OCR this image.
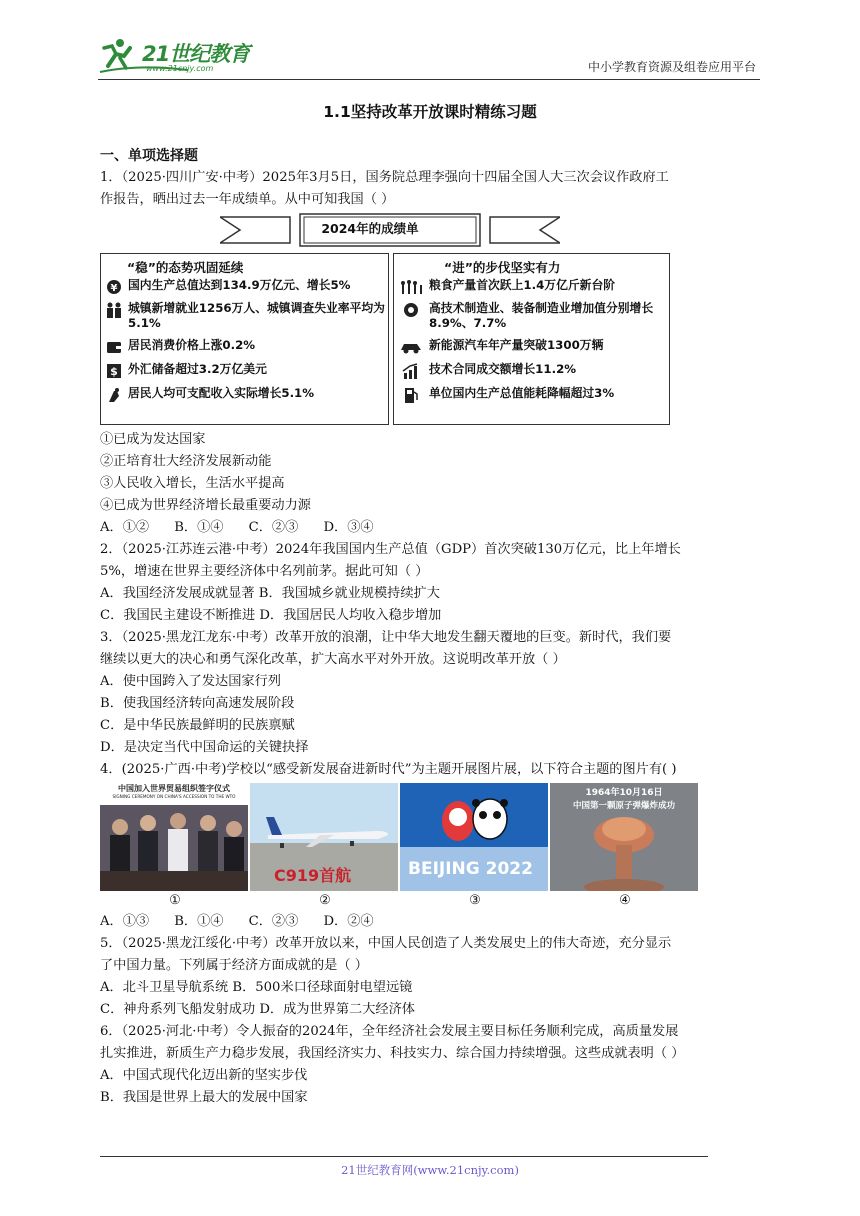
21世纪教育
www.21cnjy.com	中小学教育资源及组卷应用平台
1.1坚持改革开放课时精练习题
一、单项选择题
1．（2025·四川广安·中考）2025年3月5日，国务院总理李强向十四届全国人大三次会议作政府工
作报告，晒出过去一年成绩单。从中可知我国（ ）
2024年的成绩单
“稳”的态势巩固延续
¥ 国内生产总值达到134.9万亿元、增长5%
城镇新增就业1256万人、城镇调查失业率平均为5.1%
居民消费价格上涨0.2%
$ 外汇储备超过3.2万亿美元
居民人均可支配收入实际增长5.1%
“进”的步伐坚实有力
粮食产量首次跃上1.4万亿斤新台阶
高技术制造业、装备制造业增加值分别增长8.9%、7.7%
新能源汽车年产量突破1300万辆
技术合同成交额增长11.2%
单位国内生产总值能耗降幅超过3%
①已成为发达国家
②正培育壮大经济发展新动能
③人民收入增长，生活水平提高
④已成为世界经济增长最重要动力源
A．①②      B．①④      C．②③      D．③④
2．（2025·江苏连云港·中考）2024年我国国内生产总值（GDP）首次突破130万亿元，比上年增长
5%，增速在世界主要经济体中名列前茅。据此可知（ ）
A．我国经济发展成就显著 B．我国城乡就业规模持续扩大
C．我国民主建设不断推进 D．我国居民人均收入稳步增加
3．（2025·黑龙江龙东·中考）改革开放的浪潮，让中华大地发生翻天覆地的巨变。新时代，我们要
继续以更大的决心和勇气深化改革，扩大高水平对外开放。这说明改革开放（ ）
A．使中国跨入了发达国家行列
B．使我国经济转向高速发展阶段
C．是中华民族最鲜明的民族禀赋
D．是决定当代中国命运的关键抉择
4．(2025·广西·中考)学校以“感受新发展奋进新时代”为主题开展图片展，以下符合主题的图片有( )
中国加入世界贸易组织签字仪式
SIGNING CEREMONY ON CHINA'S ACCESSION TO THE WTO
C919首航	BEIJING 2022
1964年10月16日
中国第一颗原子弹爆炸成功
①	②	③	④
A．①③      B．①④      C．②③      D．②④
5．（2025·黑龙江绥化·中考）改革开放以来，中国人民创造了人类发展史上的伟大奇迹，充分显示
了中国力量。下列属于经济方面成就的是（ ）
A．北斗卫星导航系统 B．500米口径球面射电望远镜
C．神舟系列飞船发射成功 D．成为世界第二大经济体
6．（2025·河北·中考）令人振奋的2024年，全年经济社会发展主要目标任务顺利完成，高质量发展
扎实推进，新质生产力稳步发展，我国经济实力、科技实力、综合国力持续增强。这些成就表明（ ）
A．中国式现代化迈出新的坚实步伐
B．我国是世界上最大的发展中国家
21世纪教育网(www.21cnjy.com)
